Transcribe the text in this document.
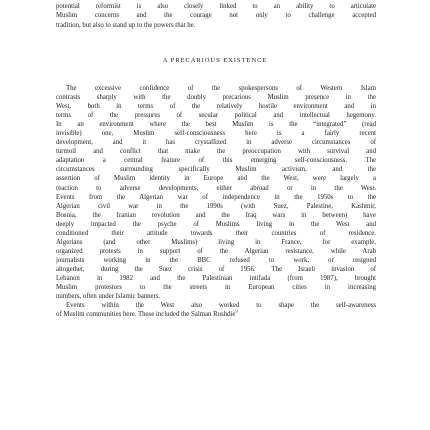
potential reformist is also closely linked to an ability to articulate
Muslim concerns and the courage not only to challenge accepted
tradition, but also to stand up to the powers that be.

A PRECARIOUS EXISTENCE
The excessive confidence of the spokespersons of Western Islam
contrasts sharply with the doubly precarious Muslim presence in the
West, both in terms of the relatively hostile environment and in
terms of the pressures of secular political and intellectual hegemony.
In an environment where the best Muslim is the “integrated” (read
invisible) one, Muslim self-consciousness here is a fairly recent
development, and it has crystallized in adverse circumstances of
turmoil and conflict that make the preoccupation with survival and
adaptation a central feature of this emerging self-consciousness. The
circumstances surrounding specifically Muslim activism, and the
assertion of Muslim identity in Europe and the West, were largely a
reaction to adverse developments, either abroad or in the West.
Events from the Algerian war of independence in the 1950s to the
Algerian civil war in the 1990s (with Suez, Palestine, Kashmir,
Bosnia, the Iranian revolution and the Iraq wars in between) have
deeply impacted the psyche of Muslims living in the West and
conditioned their attitude towards their countries of residence.
Algerians (and other Muslims) living in France, for example,
organized protests in support of the Algerian resistance, while Arab
journalists working in the BBC refused to work, or resigned
altogether, during the Suez crisis of 1956. The Israeli invasion of
Lebanon in 1982 and the Palestinian intifada (from 1987), brought
Muslim protestors to the streets in European cities in increasing
numbers, often under Islamic banners.
Events within the West also worked to shape the self-awareness
of Muslim communities here. These included the Salman Rushdie$^9$
